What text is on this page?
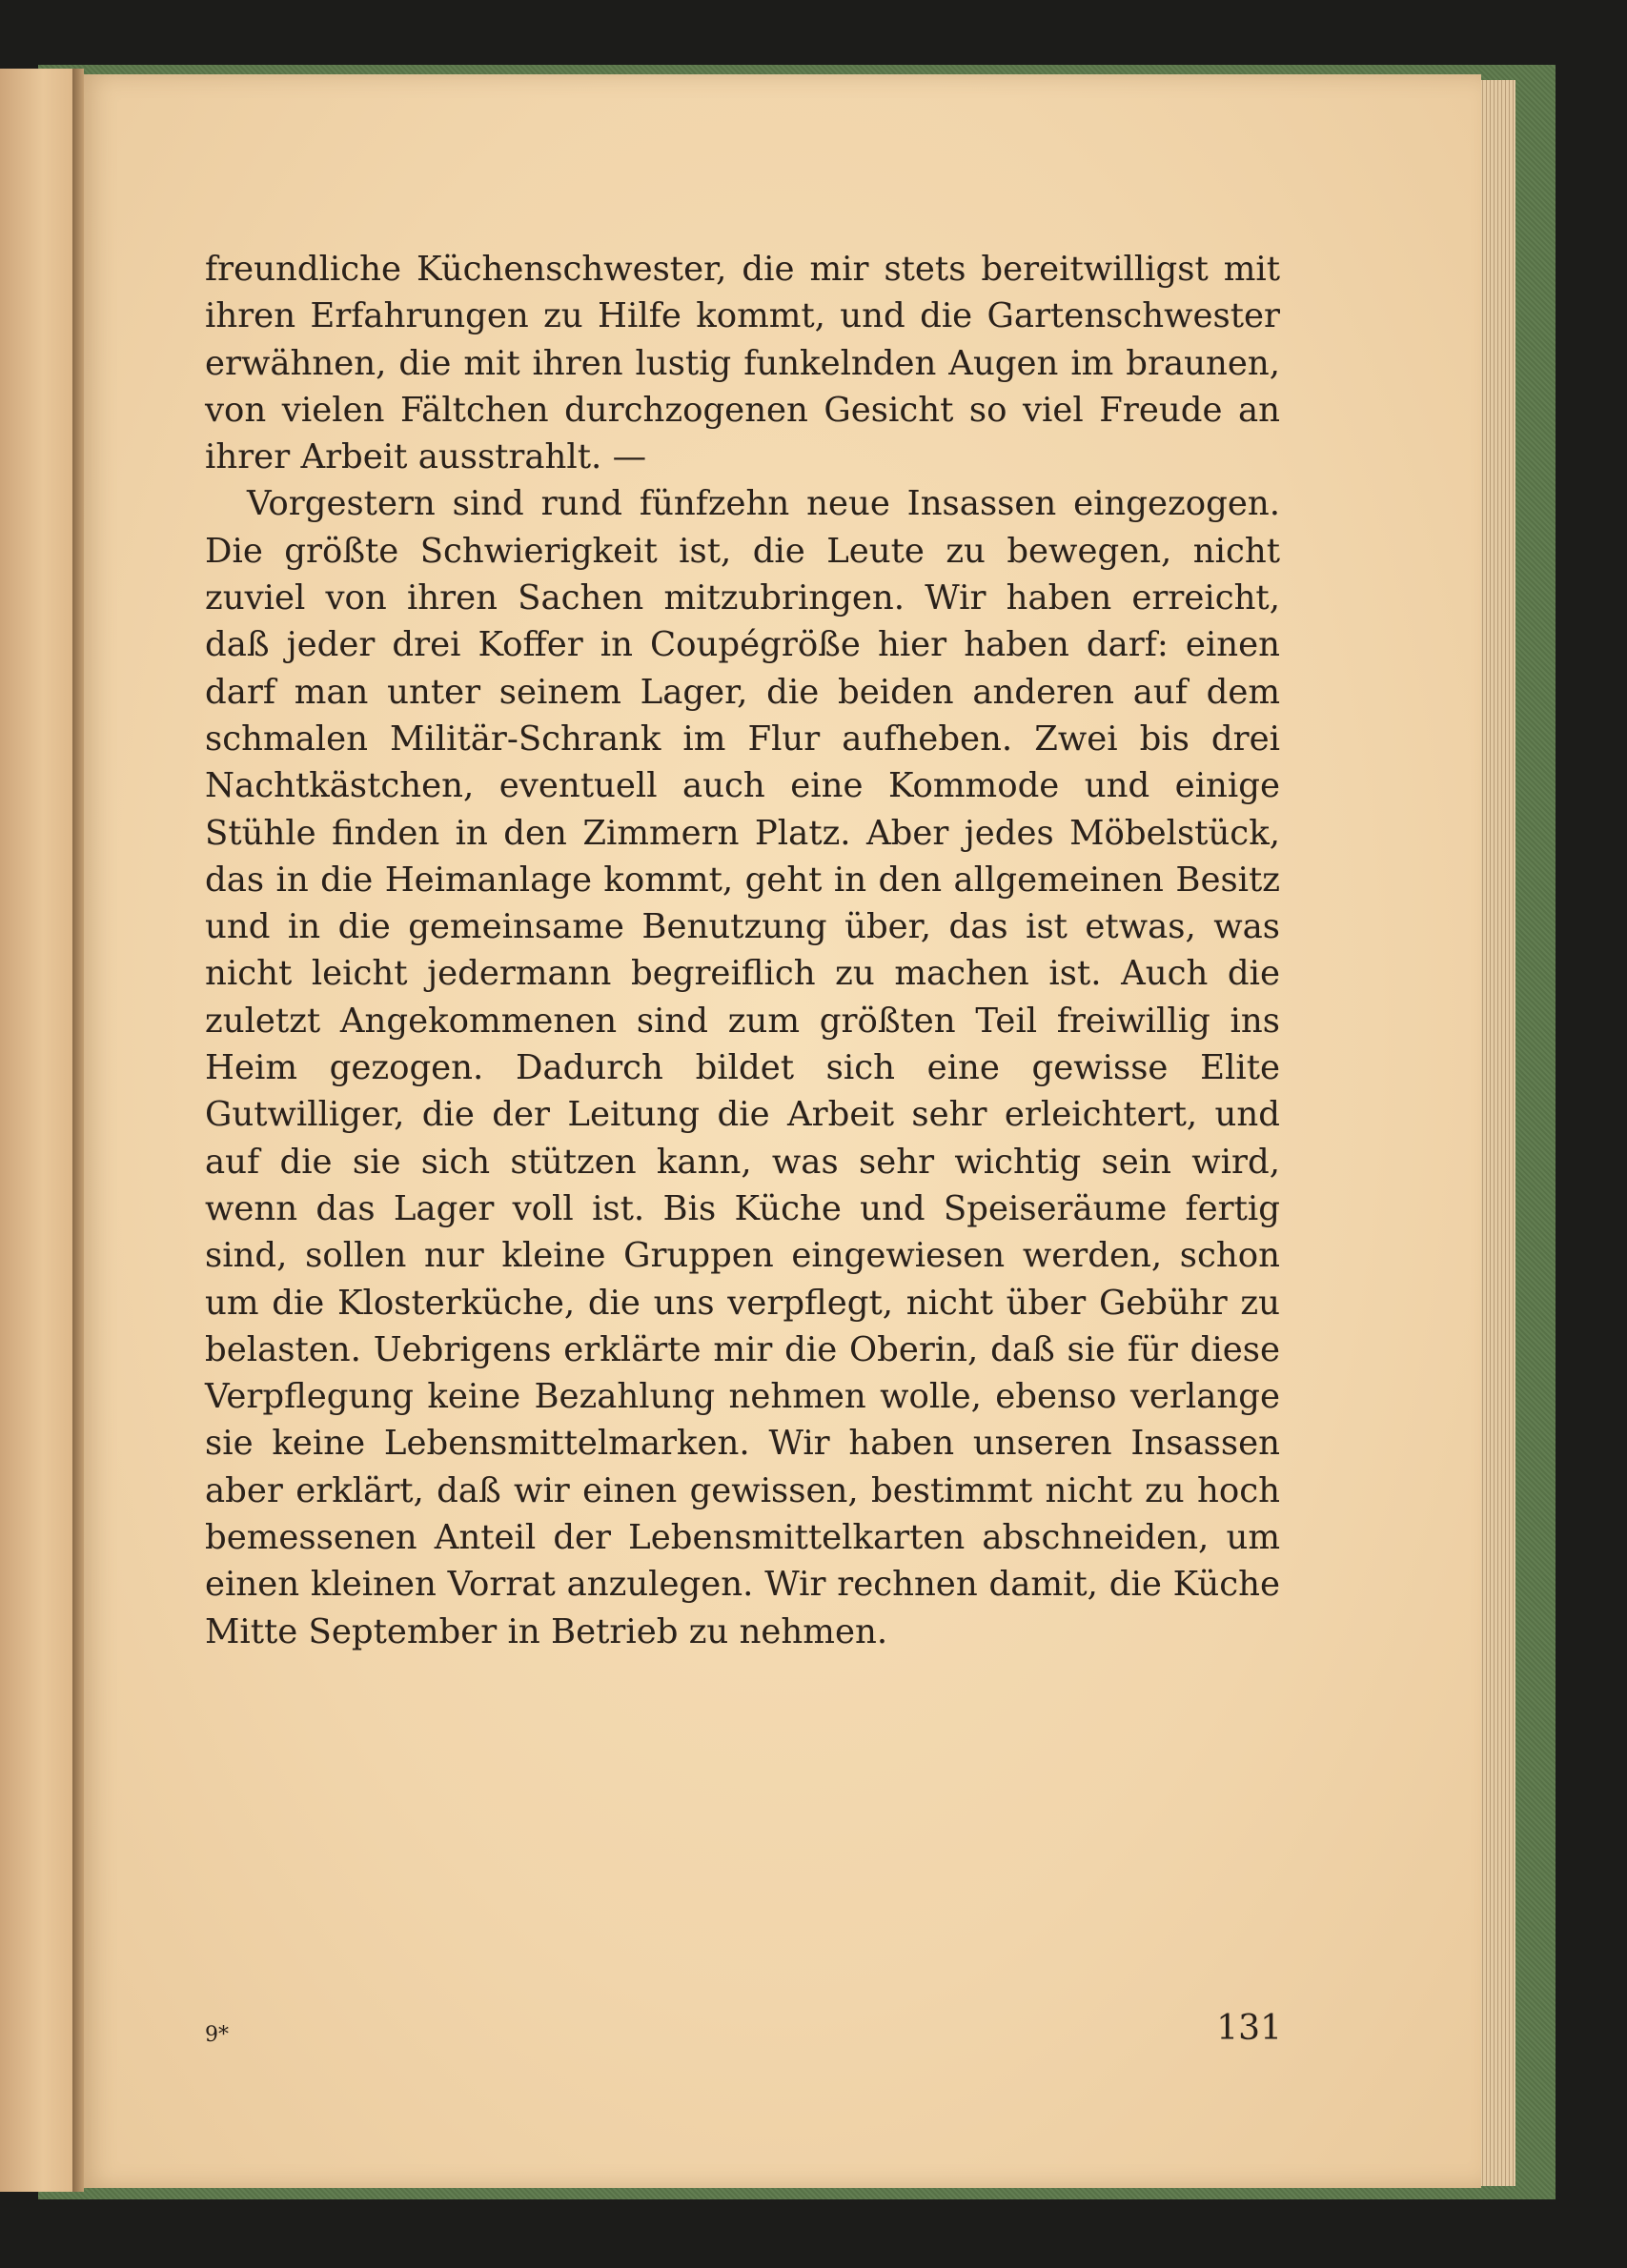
freundliche Küchenschwester, die mir stets bereitwilligst mit ihren Erfahrungen zu Hilfe kommt, und die Gartenschwester erwähnen, die mit ihren lustig funkelnden Augen im braunen, von vielen Fältchen durchzogenen Gesicht so viel Freude an ihrer Arbeit ausstrahlt. —

Vorgestern sind rund fünfzehn neue Insassen eingezogen. Die größte Schwierigkeit ist, die Leute zu bewegen, nicht zuviel von ihren Sachen mitzubringen. Wir haben erreicht, daß jeder drei Koffer in Coupégröße hier haben darf: einen darf man unter seinem Lager, die beiden anderen auf dem schmalen Militär-Schrank im Flur aufheben. Zwei bis drei Nachtkästchen, eventuell auch eine Kommode und einige Stühle finden in den Zimmern Platz. Aber jedes Möbelstück, das in die Heimanlage kommt, geht in den allgemeinen Besitz und in die gemeinsame Benutzung über, das ist etwas, was nicht leicht jedermann begreiflich zu machen ist. Auch die zuletzt Angekommenen sind zum größten Teil freiwillig ins Heim gezogen. Dadurch bildet sich eine gewisse Elite Gutwilliger, die der Leitung die Arbeit sehr erleichtert, und auf die sie sich stützen kann, was sehr wichtig sein wird, wenn das Lager voll ist. Bis Küche und Speiseräume fertig sind, sollen nur kleine Gruppen eingewiesen werden, schon um die Klosterküche, die uns verpflegt, nicht über Gebühr zu belasten. Uebrigens erklärte mir die Oberin, daß sie für diese Verpflegung keine Bezahlung nehmen wolle, ebenso verlange sie keine Lebensmittelmarken. Wir haben unseren Insassen aber erklärt, daß wir einen gewissen, bestimmt nicht zu hoch bemessenen Anteil der Lebensmittelkarten abschneiden, um einen kleinen Vorrat anzulegen. Wir rechnen damit, die Küche Mitte September in Betrieb zu nehmen.

9*	131
